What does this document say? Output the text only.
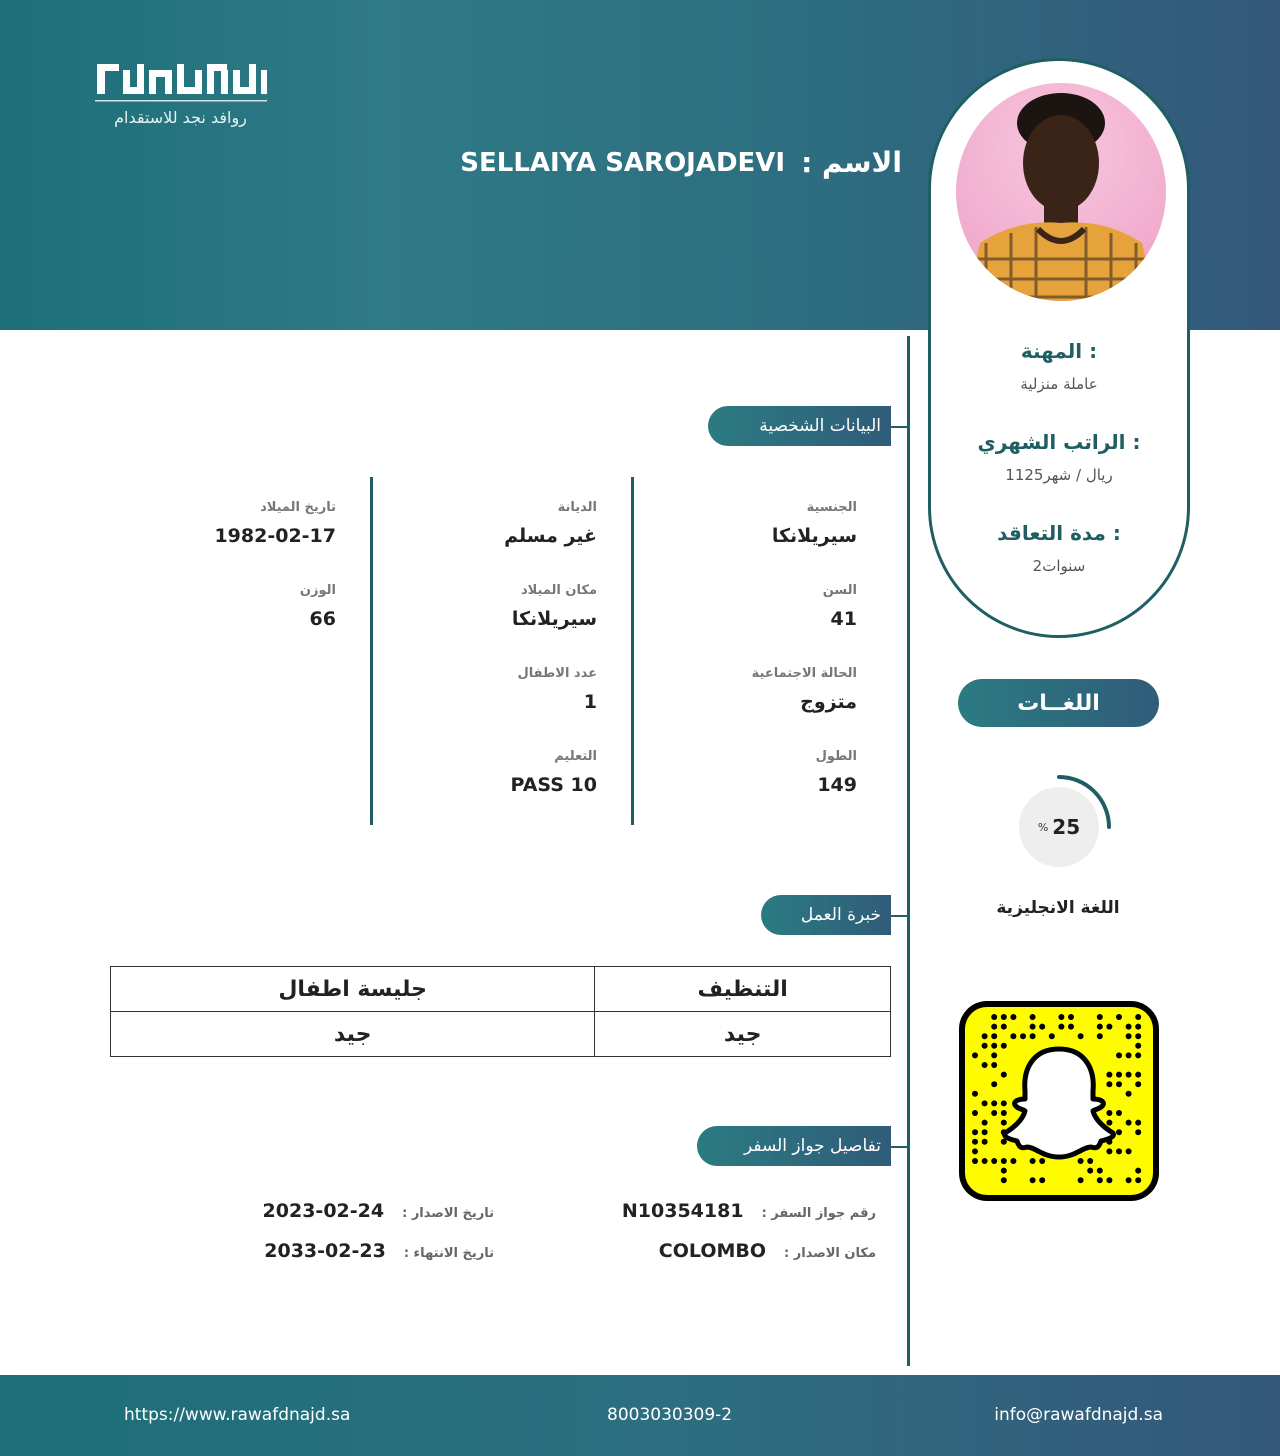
روافد نجد للاستقدام
SELLAIYA SAROJADEVI الاسم :
المهنة :
عاملة منزلية
الراتب الشهري :
1125ريال / شهر
مدة التعاقد :
2سنوات
البيانات الشخصية
الجنسية
سيريلانكا
السن
41
الحالة الاجتماعية
متزوج
الطول
149
الديانة
غير مسلم
مكان الميلاد
سيريلانكا
عدد الاطفال
1
التعليم
PASS 10
تاريخ الميلاد
1982-02-17
الوزن
66
اللغــات
% 25
اللغة الانجليزية
خبرة العمل
التنظيف	جليسة اطفال
جيد	جيد
تفاصيل جواز السفر
رقم جواز السفر :
N10354181
مكان الاصدار :
COLOMBO
تاريخ الاصدار :
2023-02-24
تاريخ الانتهاء :
2033-02-23
https://www.rawafdnajd.sa	8003030309-2	info@rawafdnajd.sa
